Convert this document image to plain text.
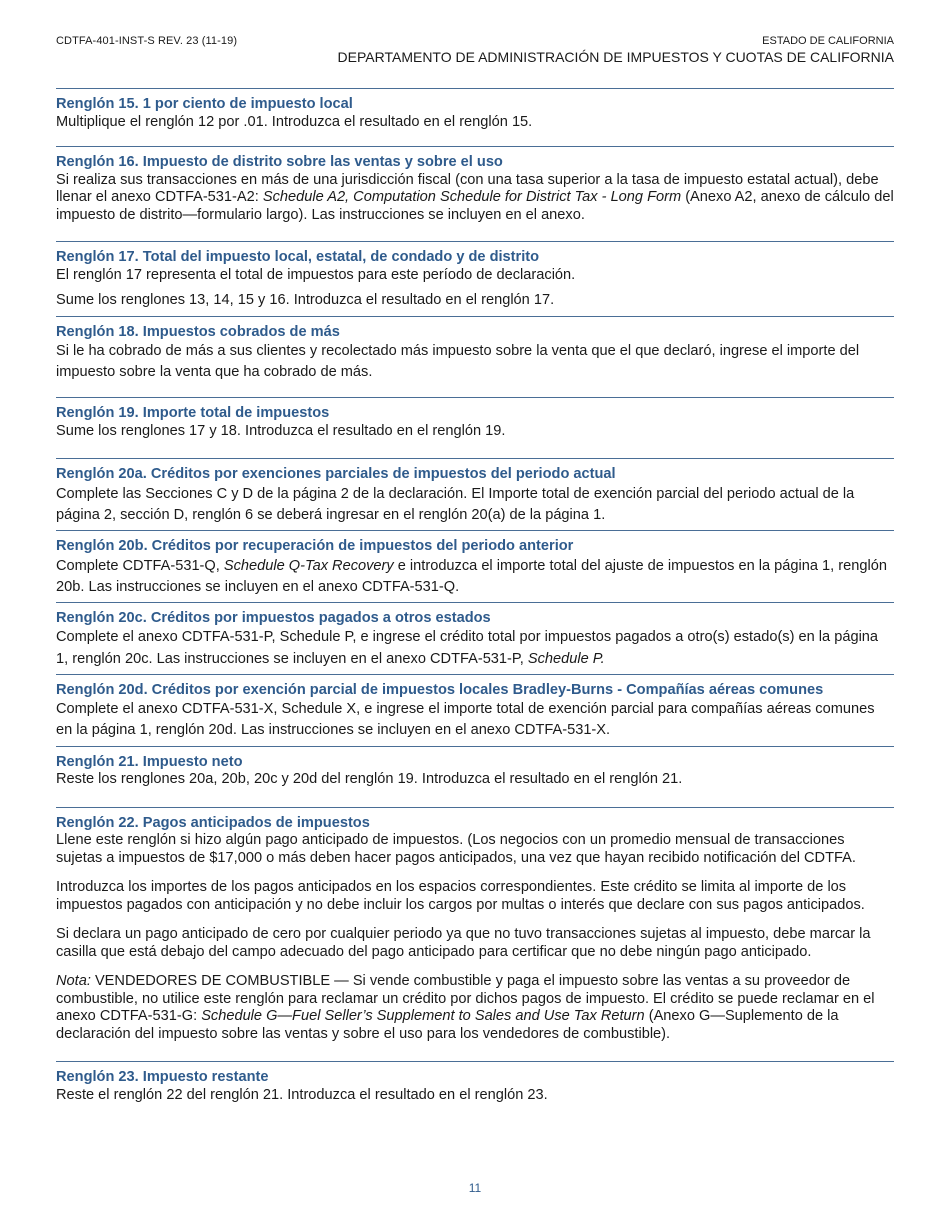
CDTFA-401-INST-S REV. 23 (11-19)	ESTADO DE CALIFORNIA
DEPARTAMENTO DE ADMINISTRACIÓN DE IMPUESTOS Y CUOTAS DE CALIFORNIA
Renglón 15. 1 por ciento de impuesto local

Multiplique el renglón 12 por .01. Introduzca el resultado en el renglón 15.

Renglón 16. Impuesto de distrito sobre las ventas y sobre el uso

Si realiza sus transacciones en más de una jurisdicción fiscal (con una tasa superior a la tasa de impuesto estatal actual), debe llenar el anexo CDTFA-531-A2: Schedule A2, Computation Schedule for District Tax - Long Form (Anexo A2, anexo de cálculo del impuesto de distrito—formulario largo). Las instrucciones se incluyen en el anexo.

Renglón 17. Total del impuesto local, estatal, de condado y de distrito

El renglón 17 representa el total de impuestos para este período de declaración.

Sume los renglones 13, 14, 15 y 16. Introduzca el resultado en el renglón 17.

Renglón 18. Impuestos cobrados de más

Si le ha cobrado de más a sus clientes y recolectado más impuesto sobre la venta que el que declaró, ingrese el importe del impuesto sobre la venta que ha cobrado de más.

Renglón 19. Importe total de impuestos

Sume los renglones 17 y 18. Introduzca el resultado en el renglón 19.

Renglón 20a. Créditos por exenciones parciales de impuestos del periodo actual

Complete las Secciones C y D de la página 2 de la declaración. El Importe total de exención parcial del periodo actual de la página 2, sección D, renglón 6 se deberá ingresar en el renglón 20(a) de la página 1.

Renglón 20b. Créditos por recuperación de impuestos del periodo anterior

Complete CDTFA-531-Q, Schedule Q-Tax Recovery e introduzca el importe total del ajuste de impuestos en la página 1, renglón 20b. Las instrucciones se incluyen en el anexo CDTFA-531-Q.

Renglón 20c. Créditos por impuestos pagados a otros estados

Complete el anexo CDTFA-531-P, Schedule P, e ingrese el crédito total por impuestos pagados a otro(s) estado(s) en la página 1, renglón 20c. Las instrucciones se incluyen en el anexo CDTFA-531-P, Schedule P.

Renglón 20d. Créditos por exención parcial de impuestos locales Bradley-Burns - Compañías aéreas comunes

Complete el anexo CDTFA-531-X, Schedule X, e ingrese el importe total de exención parcial para compañías aéreas comunes en la página 1, renglón 20d. Las instrucciones se incluyen en el anexo CDTFA-531-X.

Renglón 21. Impuesto neto

Reste los renglones 20a, 20b, 20c y 20d del renglón 19. Introduzca el resultado en el renglón 21.

Renglón 22. Pagos anticipados de impuestos

Llene este renglón si hizo algún pago anticipado de impuestos. (Los negocios con un promedio mensual de transacciones sujetas a impuestos de $17,000 o más deben hacer pagos anticipados, una vez que hayan recibido notificación del CDTFA.

Introduzca los importes de los pagos anticipados en los espacios correspondientes. Este crédito se limita al importe de los impuestos pagados con anticipación y no debe incluir los cargos por multas o interés que declare con sus pagos anticipados.

Si declara un pago anticipado de cero por cualquier periodo ya que no tuvo transacciones sujetas al impuesto, debe marcar la casilla que está debajo del campo adecuado del pago anticipado para certificar que no debe ningún pago anticipado.

Nota: VENDEDORES DE COMBUSTIBLE — Si vende combustible y paga el impuesto sobre las ventas a su proveedor de combustible, no utilice este renglón para reclamar un crédito por dichos pagos de impuesto. El crédito se puede reclamar en el anexo CDTFA-531-G: Schedule G—Fuel Seller’s Supplement to Sales and Use Tax Return (Anexo G—Suplemento de la declaración del impuesto sobre las ventas y sobre el uso para los vendedores de combustible).

Renglón 23. Impuesto restante

Reste el renglón 22 del renglón 21. Introduzca el resultado en el renglón 23.

11
